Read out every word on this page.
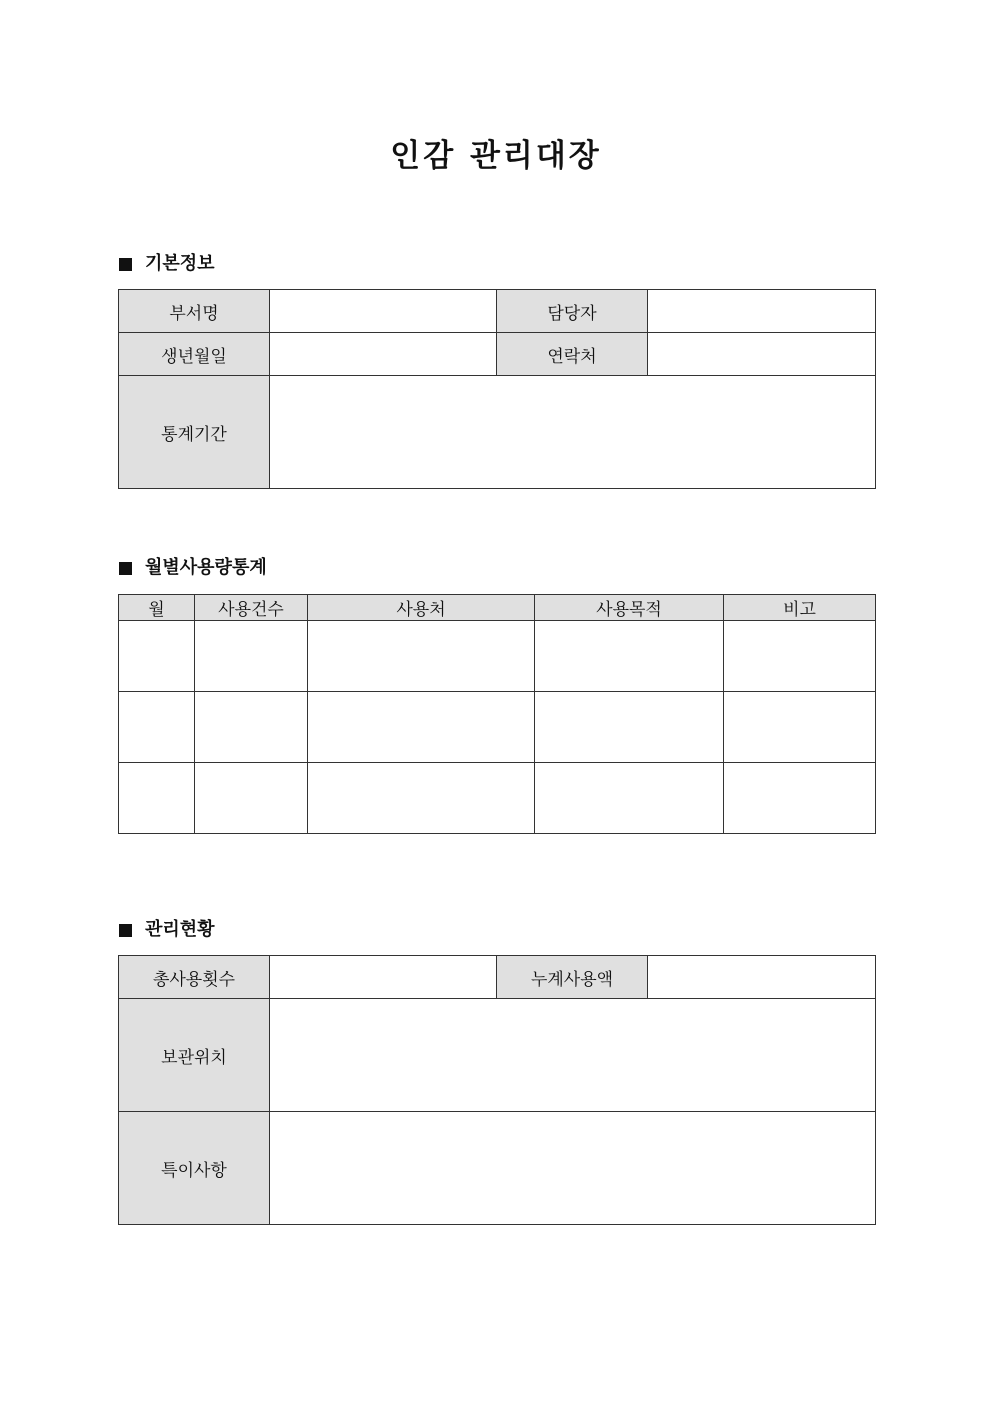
인감 관리대장
기본정보
부서명		담당자	
생년월일		연락처	
통계기간			
월별사용량통계
월	사용건수	사용처	사용목적	비고

관리현황
총사용횟수		누계사용액	
보관위치			
특이사항			
